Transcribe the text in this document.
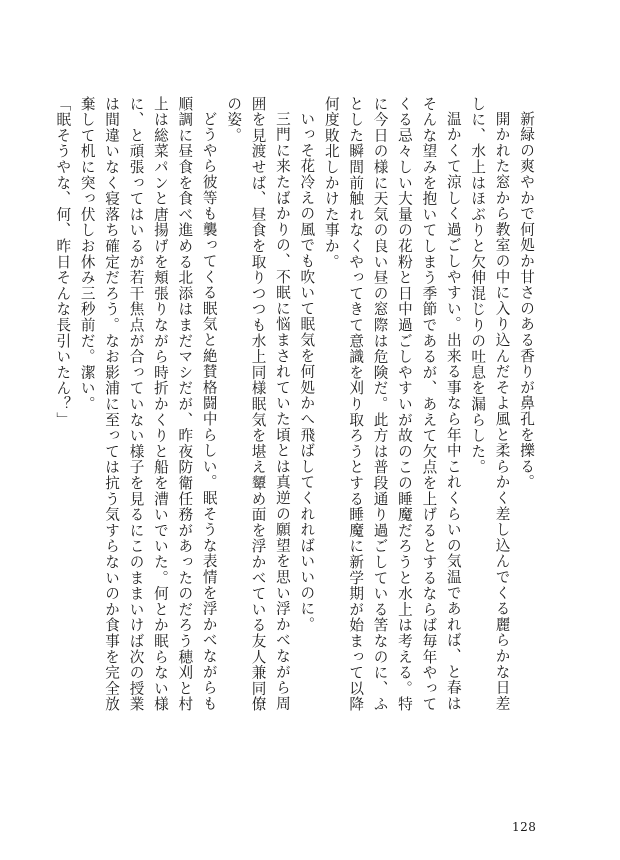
新緑の爽やかで何処か甘さのある香りが鼻孔を擽る。

開かれた窓から教室の中に入り込んだそよ風と柔らかく差し込んでくる麗らかな日差しに、水上はほぶりと欠伸混じりの吐息を漏らした。

温かくて涼しく過ごしやすい。出来る事なら年中これくらいの気温であれば、と春はそんな望みを抱いてしまう季節であるが、あえて欠点を上げるとするならば毎年やってくる忌々しい大量の花粉と日中過ごしやすいが故のこの睡魔だろうと水上は考える。特に今日の様に天気の良い昼の窓際は危険だ。此方は普段通り過ごしている筈なのに、ふとした瞬間前触れなくやってきて意識を刈り取ろうとする睡魔に新学期が始まって以降何度敗北しかけた事か。

いっそ花冷えの風でも吹いて眠気を何処かへ飛ばしてくれればいいのに。

三門に来たばかりの、不眠に悩まされていた頃とは真逆の願望を思い浮かべながら周囲を見渡せば、昼食を取りつつも水上同様眠気を堪え顰め面を浮かべている友人兼同僚の姿。

どうやら彼等も襲ってくる眠気と絶賛格闘中らしい。眠そうな表情を浮かべながらも順調に昼食を食べ進める北添はまだマシだが、昨夜防衛任務があったのだろう穂刈と村上は総菜パンと唐揚げを頬張りながら時折かくりと船を漕いでいた。何とか眠らない様に、と頑張ってはいるが若干焦点が合っていない様子を見るにこのままいけば次の授業は間違いなく寝落ち確定だろう。なお影浦に至っては抗う気すらないのか食事を完全放棄して机に突っ伏しお休み三秒前だ。潔い。

「眠そうやな、何、昨日そんな長引いたん？」

128
